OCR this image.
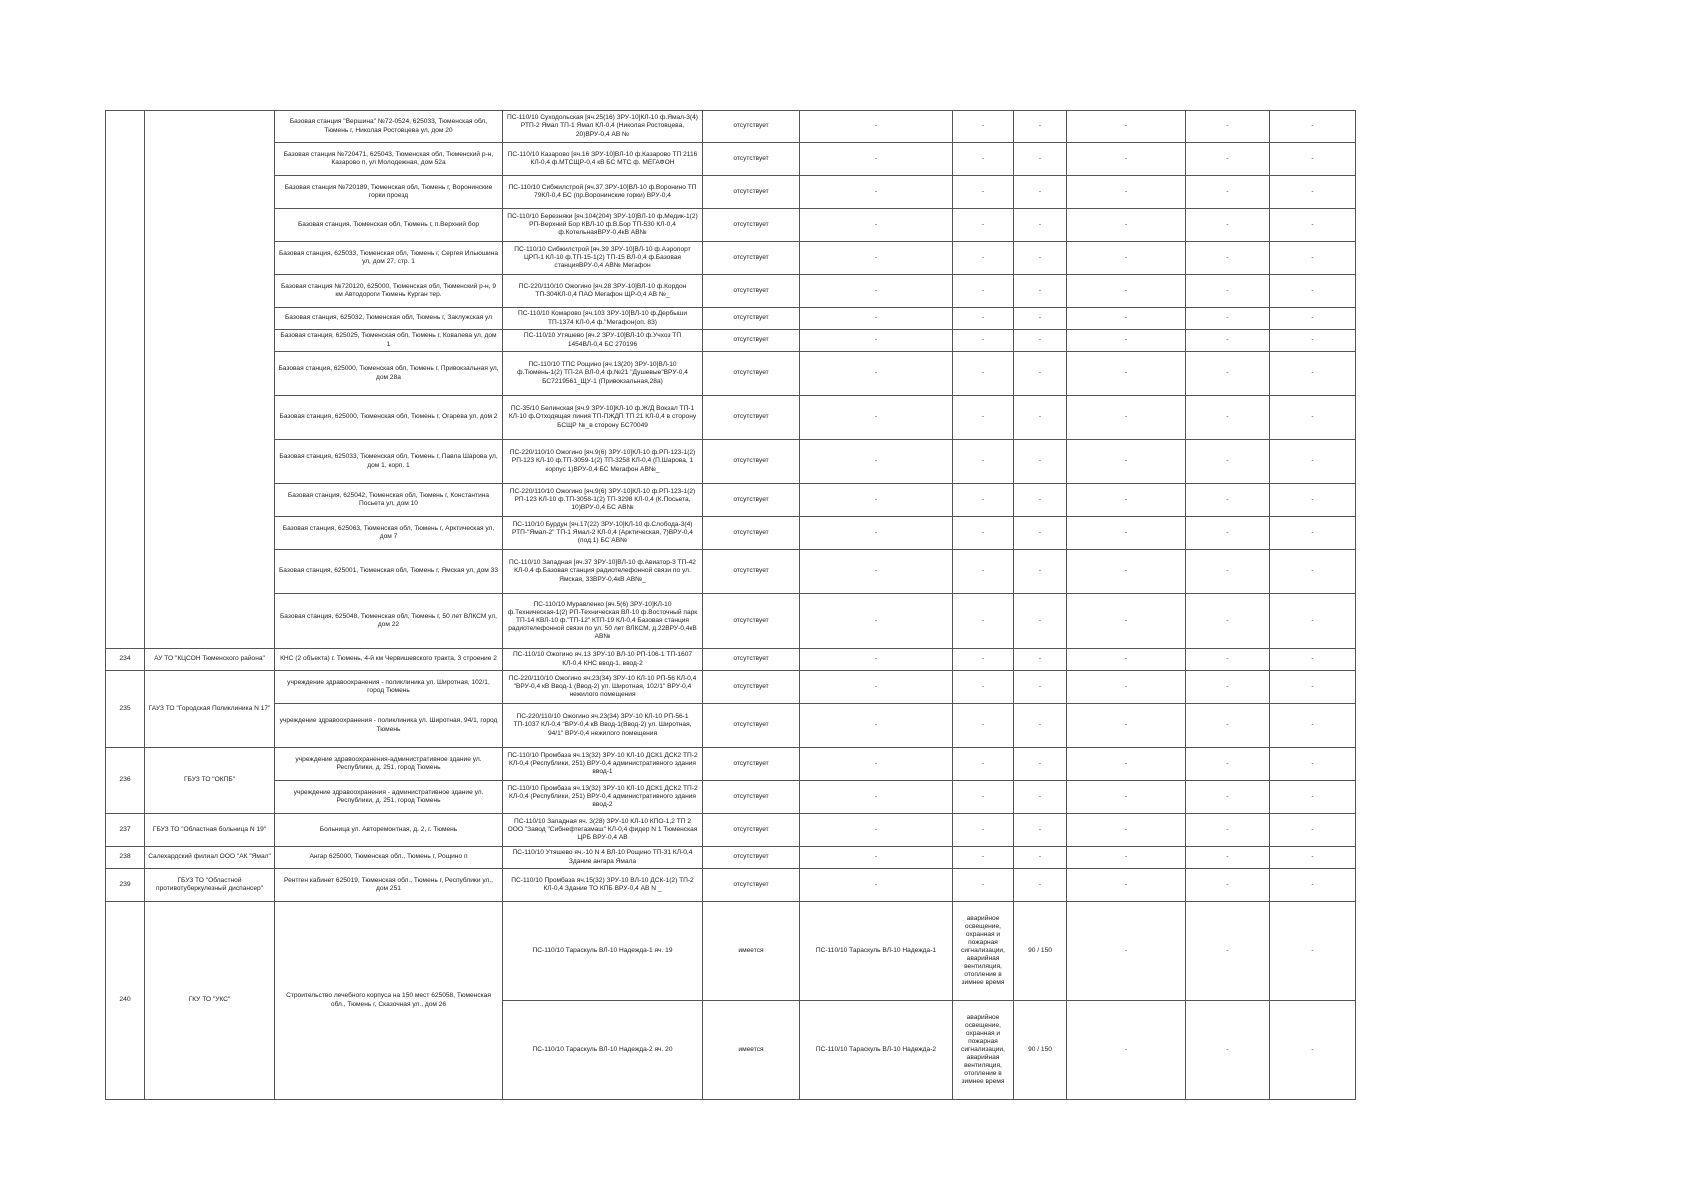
		Базовая станция "Вершина" №72-0524, 625033, Тюменская обл, Тюмень г, Николая Ростовцева ул, дом 20	ПС-110/10 Суходольская [яч.25(16) ЗРУ-10]КЛ-10 ф.Ямал-3(4) РТП-2 Ямал ТП-1 Ямал КЛ-0,4 (Николая Ростовцева, 20)ВРУ-0,4 АВ №	отсутствует	-	-	-	-	-	-
		Базовая станция №720471, 625043, Тюменская обл, Тюменский р-н, Казарово п, ул Молодежная, дом 52а	ПС-110/10 Казарово [яч.16 ЗРУ-10]ВЛ-10 ф.Казарово ТП 2116 КЛ-0,4 ф.МТСЩР-0,4 кВ БС МТС ф. МЕГАФОН	отсутствует	-	-	-	-	-	-
		Базовая станция №720189, Тюменская обл, Тюмень г, Воронинские горки проезд	ПС-110/10 Сибжилстрой [яч.37 ЗРУ-10]ВЛ-10 ф.Воронино ТП 79КЛ-0,4 БС (пр.Воронинские горки) ВРУ-0,4	отсутствует	-	-	-	-	-	-
		Базовая станция, Тюменская обл, Тюмень г, п.Верхний бор	ПС-110/10 Березняки [яч.104(204) ЗРУ-10]ВЛ-10 ф.Медик-1(2) РП-Верхний Бор КВЛ-10 ф.В.Бор ТП-530 КЛ-0,4 ф.КотельнаяВРУ-0,4кВ АВ№	отсутствует	-	-	-	-	-	-
		Базовая станция, 625033, Тюменская обл, Тюмень г, Сергея Ильюшина ул, дом 27, стр. 1	ПС-110/10 Сибжилстрой [яч.39 ЗРУ-10]ВЛ-10 ф.Аэропорт ЦРП-1 КЛ-10 ф.ТП-15-1(2) ТП-15 ВЛ-0,4 ф.Базовая станцияВРУ-0,4 АВ№ Мегафон	отсутствует	-	-	-	-	-	-
		Базовая станция №720120, 625000, Тюменская обл, Тюменский р-н, 9 км Автодороги Тюмень Курган тер.	ПС-220/110/10 Ожогино [яч.28 ЗРУ-10]ВЛ-10 ф.Кордон ТП-304КЛ-0,4 ПАО Мегафон ЩР-0,4 АВ №_	отсутствует	-	-	-	-	-	-
		Базовая станция, 625032, Тюменская обл, Тюмень г, Заклужская ул	ПС-110/10 Комарово [яч.103 ЗРУ-10]ВЛ-10 ф.Дербыши ТП-1374 КЛ-0,4 ф."Мегафон(оп. 83)	отсутствует	-	-	-	-	-	-
		Базовая станция, 625025, Тюменская обл, Тюмень г, Ковалева ул, дом 1	ПС-110/10 Утяшево [яч.2 ЗРУ-10]ВЛ-10 ф.Учхоз ТП 1454ВЛ-0,4 БС 270196	отсутствует	-	-	-	-	-	-
		Базовая станция, 625000, Тюменская обл, Тюмень г, Привокзальная ул, дом 28а	ПС-110/10 ТПС Рощино [яч.13(20) ЗРУ-10]ВЛ-10 ф.Тюмень-1(2) ТП-2А ВЛ-0,4 ф.№21 "Душевые"ВРУ-0,4 БС7219561_ЩУ-1 (Привокзальная,28а)	отсутствует	-	-	-	-	-	-
		Базовая станция, 625000, Тюменская обл, Тюмень г, Огарева ул, дом 2	ПС-35/10 Белинская [яч.9 ЗРУ-10]КЛ-10 ф.Ж/Д Вокзал ТП-1 КЛ-10 ф.Отходящая линия ТП-ПЖДП ТП 21 КЛ-0,4 в сторону БСЩР №_в сторону БС70049	отсутствует	-	-	-	-	-	-
		Базовая станция, 625033, Тюменская обл, Тюмень г, Павла Шарова ул, дом 1, корп. 1	ПС-220/110/10 Ожогино [яч.9(6) ЗРУ-10]КЛ-10 ф.РП-123-1(2) РП-123 КЛ-10 ф.ТП-3059-1(2) ТП-3258 КЛ-0,4 (П.Шарова, 1 корпус 1)ВРУ-0,4 БС Мегафон АВ№_	отсутствует	-	-	-	-	-	-
		Базовая станция, 625042, Тюменская обл, Тюмень г, Константина Посьета ул, дом 10	ПС-220/110/10 Ожогино [яч.9(6) ЗРУ-10]КЛ-10 ф.РП-123-1(2) РП-123 КЛ-10 ф.ТП-3058-1(2) ТП-3298 КЛ-0,4 (К.Посьета, 10)ВРУ-0,4 БС АВ№	отсутствует	-	-	-	-	-	-
		Базовая станция, 625063, Тюменская обл, Тюмень г, Арктическая ул, дом 7	ПС-110/10 Бурдун [яч.17(22) ЗРУ-10]КЛ-10 ф.Слобода-3(4) РТП-"Ямал-2" ТП-1 Ямал-2 КЛ-0,4 (Арктическая, 7)ВРУ-0,4 (под.1) БС АВ№	отсутствует	-	-	-	-	-	-
		Базовая станция, 625001, Тюменская обл, Тюмень г, Ямская ул, дом 33	ПС-110/10 Западная [яч.37 ЗРУ-10]ВЛ-10 ф.Авиатор-3 ТП-42 КЛ-0,4 ф.Базовая станция радиотелефонной связи по ул. Ямская, 33ВРУ-0,4кВ АВ№_	отсутствует	-	-	-	-	-	-
		Базовая станция, 625048, Тюменская обл, Тюмень г, 50 лет ВЛКСМ ул, дом 22	ПС-110/10 Муравленко [яч.5(6) ЗРУ-10]КЛ-10 ф.Техническая-1(2) РП-Техническая ВЛ-10 ф.Восточный парк ТП-14 КВЛ-10 ф."ТП-12" КТП-19 КЛ-0,4 Базовая станция радиотелефонной связи по ул. 50 лет ВЛКСМ, д.22ВРУ-0,4кВ АВ№	отсутствует	-	-	-	-	-	-
234	АУ ТО "КЦСОН Тюменского района"	КНС (2 объекта) г. Тюмень, 4-й км Червишевского тракта, 3 строение 2	ПС-110/10 Ожогино яч.13 ЗРУ-10 ВЛ-10 РП-106-1 ТП-1607 КЛ-0,4 КНС ввод-1, ввод-2	отсутствует	-	-	-	-	-	-
235	ГАУЗ ТО "Городская Поликлиника N 17"	учреждение здравоохранения - поликлиника ул. Широтная, 102/1, город Тюмень	ПС-220/110/10 Ожогино яч.23(34) ЗРУ-10 КЛ-10 РП-56 КЛ-0,4 "ВРУ-0,4 кВ Ввод-1 (Ввод-2) ул. Широтная, 102/1" ВРУ-0,4 нежилого помещения	отсутствует	-	-	-	-	-	-
		учреждение здравоохранения - поликлиника ул. Широтная, 94/1, город Тюмень	ПС-220/110/10 Ожогино яч.23(34) ЗРУ-10 КЛ-10 РП-56-1 ТП-1037 КЛ-0,4 "ВРУ-0,4 кВ Ввод-1(Ввод-2) ул. Широтная, 94/1" ВРУ-0,4 нежилого помещения	отсутствует	-	-	-	-	-	-
236	ГБУЗ ТО "ОКПБ"	учреждение здравоохранения-административное здание ул. Республики, д. 251, город Тюмень	ПС-110/10 Промбаза яч.13(32) ЗРУ-10 КЛ-10 ДСК1 ДСК2 ТП-2 КЛ-0,4 (Республики, 251) ВРУ-0,4 административного здания ввод-1	отсутствует	-	-	-	-	-	-
		учреждение здравоохранения - административное здание ул. Республики, д. 251, город Тюмень	ПС-110/10 Промбаза яч.13(32) ЗРУ-10 КЛ-10 ДСК1 ДСК2 ТП-2 КЛ-0,4 (Республики, 251) ВРУ-0,4 административного здания ввод-2	отсутствует	-	-	-	-	-	-
237	ГБУЗ ТО "Областная больница N 19"	Больница ул. Авторемонтная, д. 2, г. Тюмень	ПС-110/10 Западная яч. 3(28) ЗРУ-10 КЛ-10 КПО-1,2 ТП 2 ООО "Завод "Сибнефтегазмаш" КЛ-0,4 фидер N 1 Тюменская ЦРБ ВРУ-0,4 АВ	отсутствует	-	-	-	-	-	-
238	Салехардский филиал ООО "АК "Ямал"	Ангар 625000, Тюменская обл., Тюмень г, Рощино п	ПС-110/10 Утяшево яч.-10 N 4 ВЛ-10 Рощино ТП-31 КЛ-0,4 Здание ангара Ямала	отсутствует	-	-	-	-	-	-
239	ГБУЗ ТО "Областной противотуберкулезный диспансер"	Рентген кабинет 625019, Тюменская обл., Тюмень г, Республики ул., дом 251	ПС-110/10 Промбаза яч.15(32) ЗРУ-10 ВЛ-10 ДСК-1(2) ТП-2 КЛ-0,4 Здание ТО КПБ ВРУ-0,4 АВ N _	отсутствует	-	-	-	-	-	-
240	ГКУ ТО "УКС"	Строительство лечебного корпуса на 150 мест 625058, Тюменская обл., Тюмень г, Сказочная ул., дом 26	ПС-110/10 Тараскуль ВЛ-10 Надежда-1 яч. 19	имеется	ПС-110/10 Тараскуль ВЛ-10 Надежда-1	аварийное освещение, охранная и пожарная сигнализации, аварийная вентиляция, отопление в зимнее время	90 / 150	-	-	-
			ПС-110/10 Тараскуль ВЛ-10 Надежда-2 яч. 20	имеется	ПС-110/10 Тараскуль ВЛ-10 Надежда-2	аварийное освещение, охранная и пожарная сигнализации, аварийная вентиляция, отопление в зимнее время	90 / 150	-	-	-
